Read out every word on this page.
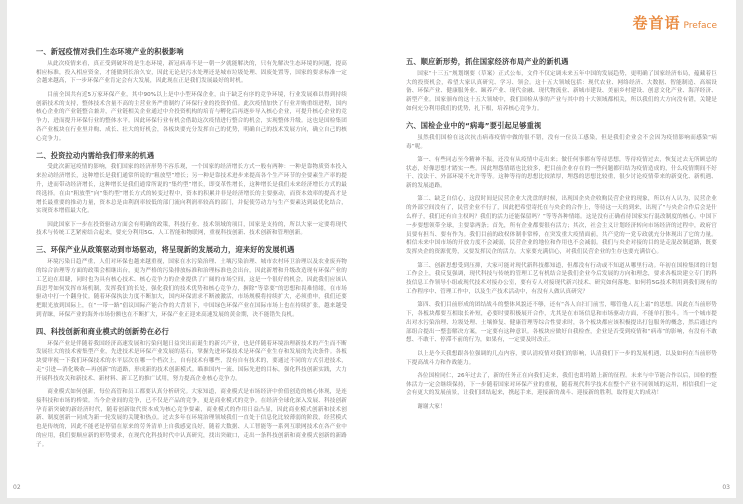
一、新冠疫情对我们生态环境产业的积极影响

从此次疫情来看，真正受到破坏的是生态环境，新冠病毒不是一朝一夕就能解决的，只有先解决生态环境的问题，提高相应标准，投入相应资金，才能做到长治久安，因此无论是污水处理还是城市垃圾处理、固废处置等，国家的要求标准一定会越来越高，下一步环保产业肯定会有大发展，因此现在正是我们发展最好的时机。

目前全国共有近5万家环保产业，其中90%以上是中小型环保企业，由于缺乏有序的竞争环境，行业发展难以得到持续创新技术的支持，整体技术含量不高的主营业务严重制约了环保行业的投资价值。此次疫情加快了行业并购重组进程，国内核心企业的产业链整合兼并，产业链相关企业通过中介投资机构的培育与孵化后再逐步导入核心企业，可提升核心企业的竞争力，进而提升环保行业的整体水平。因此环保行业有机会借助这次疫情进行整合的机会，实现整体升级。这也是国检集团各产业板块在行业里并购、成长、壮大的好机会，各板块要充分发挥自己的优势，明确自己的技术发展方向，确立自己的核心竞争力。

二、投资拉动内需给我们带来的机遇

受此次新冠疫情的影响，我们国家的经济形势不容乐观，一个国家的经济增长方式一般有两种：一种是靠物质资本投入来拉动经济增长，这种增长是我们通常所说的“粗放型”增长；另一种是靠技术进步来提高各个生产环节的全要素生产率的提升，进而带动经济增长，这种增长是我们通常所说的“集约型”增长，即变革性增长，这种增长是我们未来经济增长方式的最终选择。在由“粗放型”向“集约型”增长方式的转变过程中，资本的积累并非是经济增长的主要驱动，而资本效率的提高才是增长最重要的推动力量，资本总是由利润率较低的部门流向利润率较高的部门，并促使劳动力与生产要素达到最优化结合，实现资本增值最大化。

因此国家下一步在投资驱动方面会有明确的政策，科技行业、技术领域的项目，国家是支持的，所以大家一定要将现代技术与传统工艺紧密结合起来，要充分利用5G、人工智能和物联网，重视科技创新、技术创新和管理创新。

三、环保产业从政策驱动到市场驱动，将呈现新的发展动力，迎来好的发展机遇

环境污染日趋严重，人们对环保也越来越重视，国家在水污染治理、土壤污染治理、城市农村环卫治理以及农业废弃物的综合治理等方面的政策会相继出台，更为严格的污染排放标准和治理标准也会出台，因此新增和升级改造现有环保产业的工艺迫在眉睫，同时也为具有核心技术、核心竞争力的企业提供了广阔的市场空间，这是一个很好的机会，因此我们应该认真思考如何发挥市场机制，发挥我们的长处，强化我们的技术优势和核心竞争力，摒除“等靠要”的思想和畏难情绪，在市场驱动中打一个翻身仗。随着环保执法力度不断加大，国内环保需求不断被激活，市场规模将持续扩大，必须重申，我们还要把眼光放到国际上，在“一带一路”倡议国际产能合作的大背景下，中国绿色环保产业在国际市场上也在持续扩张，越来越受到青睐，环保产业的海外市场份额也在不断扩大，环保产业正迎来高速发展的黄金期，决不能错失良机。

四、科技创新和商业模式的创新势在必行

环保产业是伴随着我国经济高速发展和污染问题日益突出而诞生的新兴产业，也是伴随着环境治理新技术的产生而不断发展壮大的技术密集型产业，先进技术是环保产业发展的基石，掌握先进环保技术是环保产业生存和发展的先决条件。各板块要审视一下我们环保技术的水平层次在哪一个档次上，自有技术有哪些，没有自有技术的，要通过不同的方式引进技术，走“引进—消化吸收—再创新”的道路，形成新的技术创新模式。瞄准国内一流、国际先进的目标，强化科技创新实践，大力开展科技攻关和新技术、新材料、新工艺的推广试用，努力提高企业核心竞争力。

商业模式如何创新，每位高管和员工都要认真分析研究。大家知道，商业模式是市场经济中价值创造的核心体现，是连接科技和市场的桥梁。当今企业间的竞争，已不仅是产品的竞争，更是商业模式的竞争。在经济全球化深入发展、科技创新孕育新突破的新经济时代，随着创新取代资本成为核心竞争要素，商业模式的作用日益凸显，因此商业模式创新和技术创新、制度创新一同成为新一轮发展的关键和热点。过去多年在环境治理领域我们一直处于信息化比较薄弱的阶段，经营模式也是传统的，因此不能老是停留在原来的劳务清单上自我感觉良好，随着大数据、人工智能等一系列互联网技术在各产业中的应用，我们要顺应新的形势要求，在现代化科技时代中认真研究，找出突破口，走出一条科技创新和商业模式创新的新路子。

卷首语 Preface
五、顺应新形势，抓住国家经济布局产业的新机遇

国家“十三五”规划纲要（草案）正式公布，文件不仅定调未来五年中国的发展趋势，更明确了国家经济布局，蕴藏着巨大的投资机会，希望大家认真研究、学习、领会。这十五大领域包括：现代农业、网络经济、大数据、智能制造、高端设备、环保产业、健康服务业、颐养产业、现代金融、现代物流业、新城市建设、美丽乡村建设、创意文化产业、海洋经济、新型产业。国家颁布的这十五大领域中，我们国检从事的产业与其中的十大领域都相关，所以我们的大方向没有错，关键是如何充分利用我们的优势，扎下根，培养核心竞争力。

六、国检企业中的“病毒”要引起足够重视

虽然我们国检在这次抗击病毒疫情中做的很不错，没有一位员工感染，但是我们企业会不会因为疫情影响而感染“病毒”呢。

第一、有些同志至今精神不振，还没有从疫情中走出来；做任何事都有等待思想，等待疫情过去，恢复过去无所顾忌的状态，好像思想才踏实一些。因此埋怨情绪也比较多，把目前企业存在的一些问题都归结为疫情造成的，什么疫情期间不好干、没法干、外部环境不允许等等。这种等待的思想比较浓厚，埋怨的思想比较重，很少讨论疫情带来的新变化、新机遇、新的发展道路。

第二、缺乏自信心，这段时间是民营企业大洗盘的时候，出现国企央企收购民营企业的现象，所以有人认为，民营企业的外部空间没有了，民营企业不行了，因此把希望寄托在与央企的合作上，等待这一天的到来，出现了“与央企合作后会是什么样子，我们还有自主权吗？我们的活力还能保留吗？”等等各种情绪。这是没有正确看待国家实行混改制度的核心。中国下一步要想领带全球，主要靠两条；首先，所有企业都要很有活力；其次，社会主义计划经济转向市场经济的过程中，政府官员要有担当、要有作为。我们目前的政权体制非常棒，在突发重大疫情面前，共产党的一党专政就充分体现出了它的力量。相信未来中国市场的开放力度不会减弱，民营企业的地位和作用也不会减弱。我们与央企对接的目的是走混改制道路，既要发挥央企的资源优势，又要发挥民企的活力。大家要充满信心，对我们民营企业的生存也要充满信心。

第三、创新思想受到压抑，大家可能对现代新科技都知道，但都没有行动或不知道从哪里行动。年初在国检集团的计划工作会上，我反复强调，现代科技与传统的管理工艺有机结合是我们企业今后发展的方向和理念，要求各板块建立专门的科技信息工作领导小组或现代技术对接办公室，要有专人对接现代新兴技术、研究如何落地、如何将5G技术利用到我们现有的工作程序中、管理工作中，以及生产技术活动中，有没有人做认真研究？

第四、我们目前形成的团结战斗的整体风貌还不够，还有“各人自扫门前雪，哪管他人瓦上霜”的思想。因此在当前形势下，各板块都要互相取长补短，必要时要积极展开合作，尤其是在市场信息和市场驱动方面，不能单打独斗。当一个城市提出对水污染治理、垃圾处理、土壤修复、健康管理等综合性要求时，各个板块都应该积极提出打包服务的概念，然后通过内部组合提出一整套解决方案，一定要有这种意识。各板块应做好自我检查，企业是否受到疫情和“病毒”的影响，有没有不敢想、不敢干、停滞不前的行为，如果有，一定要及时改正。

以上是今天我想跟各位强调的几点内容，要认清疫情对我们的影响，认清我们下一步的发展机遇，以及如何在当前形势下提高战斗力和作战能力。

各位国检同仁，26年过去了，新的任务正在向我们走来，我们也即将踏上新的征程。未来与中节能合作以后，国检的整体活力一定会继续保持，下一步随着国家对环保产业的重视，随着现代科学技术在整个产业不同领域的运用，相信我们一定会有更大的发展前景，让我们团结起来，携起手来，迎接新的战斗、迎接新的胜利，取得更大的成功！

谢谢大家！

02	03
